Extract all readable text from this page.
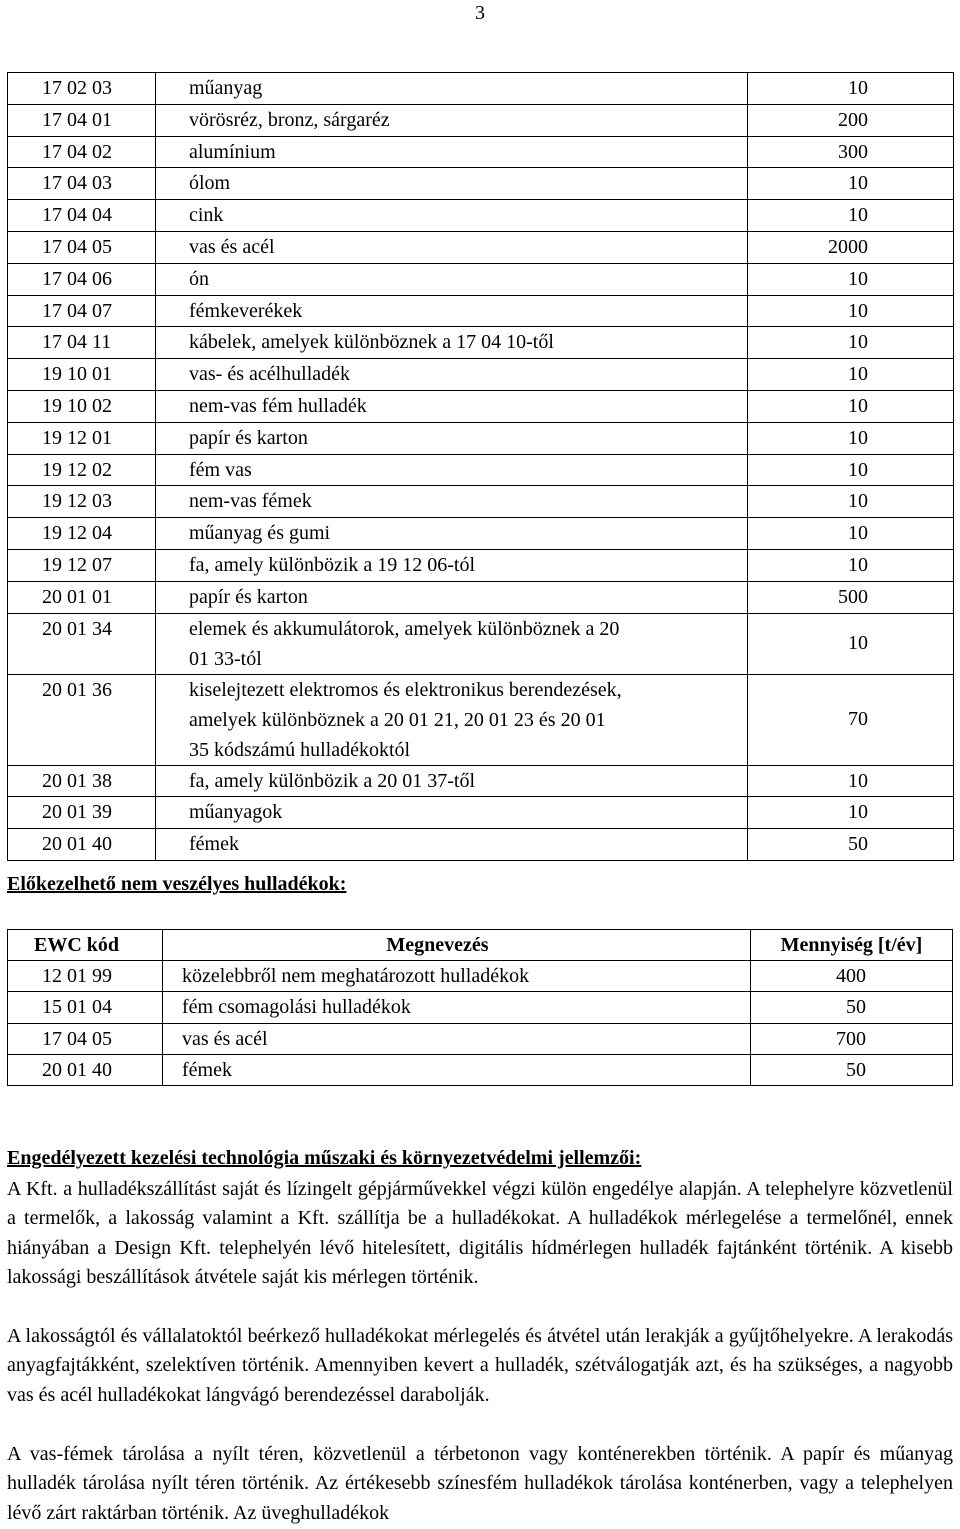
3
17 02 03	műanyag	10
17 04 01	vörösréz, bronz, sárgaréz	200
17 04 02	alumínium	300
17 04 03	ólom	10
17 04 04	cink	10
17 04 05	vas és acél	2000
17 04 06	ón	10
17 04 07	fémkeverékek	10
17 04 11	kábelek, amelyek különböznek a 17 04 10-től	10
19 10 01	vas- és acélhulladék	10
19 10 02	nem-vas fém hulladék	10
19 12 01	papír és karton	10
19 12 02	fém vas	10
19 12 03	nem-vas fémek	10
19 12 04	műanyag és gumi	10
19 12 07	fa, amely különbözik a 19 12 06-tól	10
20 01 01	papír és karton	500
20 01 34	elemek és akkumulátorok, amelyek különböznek a 20
01 33-tól	10
20 01 36	kiselejtezett elektromos és elektronikus berendezések,
amelyek különböznek a 20 01 21, 20 01 23 és 20 01
35 kódszámú hulladékoktól	70
20 01 38	fa, amely különbözik a 20 01 37-től	10
20 01 39	műanyagok	10
20 01 40	fémek	50
Előkezelhető nem veszélyes hulladékok:
EWC kód	Megnevezés	Mennyiség [t/év]
12 01 99	közelebbről nem meghatározott hulladékok	400
15 01 04	fém csomagolási hulladékok	50
17 04 05	vas és acél	700
20 01 40	fémek	50
Engedélyezett kezelési technológia műszaki és környezetvédelmi jellemzői:

A Kft. a hulladékszállítást saját és lízingelt gépjárművekkel végzi külön engedélye alapján. A telephelyre közvetlenül a termelők, a lakosság valamint a Kft. szállítja be a hulladékokat. A hulladékok mérlegelése a termelőnél, ennek hiányában a Design Kft. telephelyén lévő hitelesített, digitális hídmérlegen hulladék fajtánként történik. A kisebb lakossági beszállítások átvétele saját kis mérlegen történik.

A lakosságtól és vállalatoktól beérkező hulladékokat mérlegelés és átvétel után lerakják a gyűjtőhelyekre. A lerakodás anyagfajtákként, szelektíven történik. Amennyiben kevert a hulladék, szétválogatják azt, és ha szükséges, a nagyobb vas és acél hulladékokat lángvágó berendezéssel darabolják.

A vas-fémek tárolása a nyílt téren, közvetlenül a térbetonon vagy konténerekben történik. A papír és műanyag hulladék tárolása nyílt téren történik. Az értékesebb színesfém hulladékok tárolása konténerben, vagy a telephelyen lévő zárt raktárban történik. Az üveghulladékok
